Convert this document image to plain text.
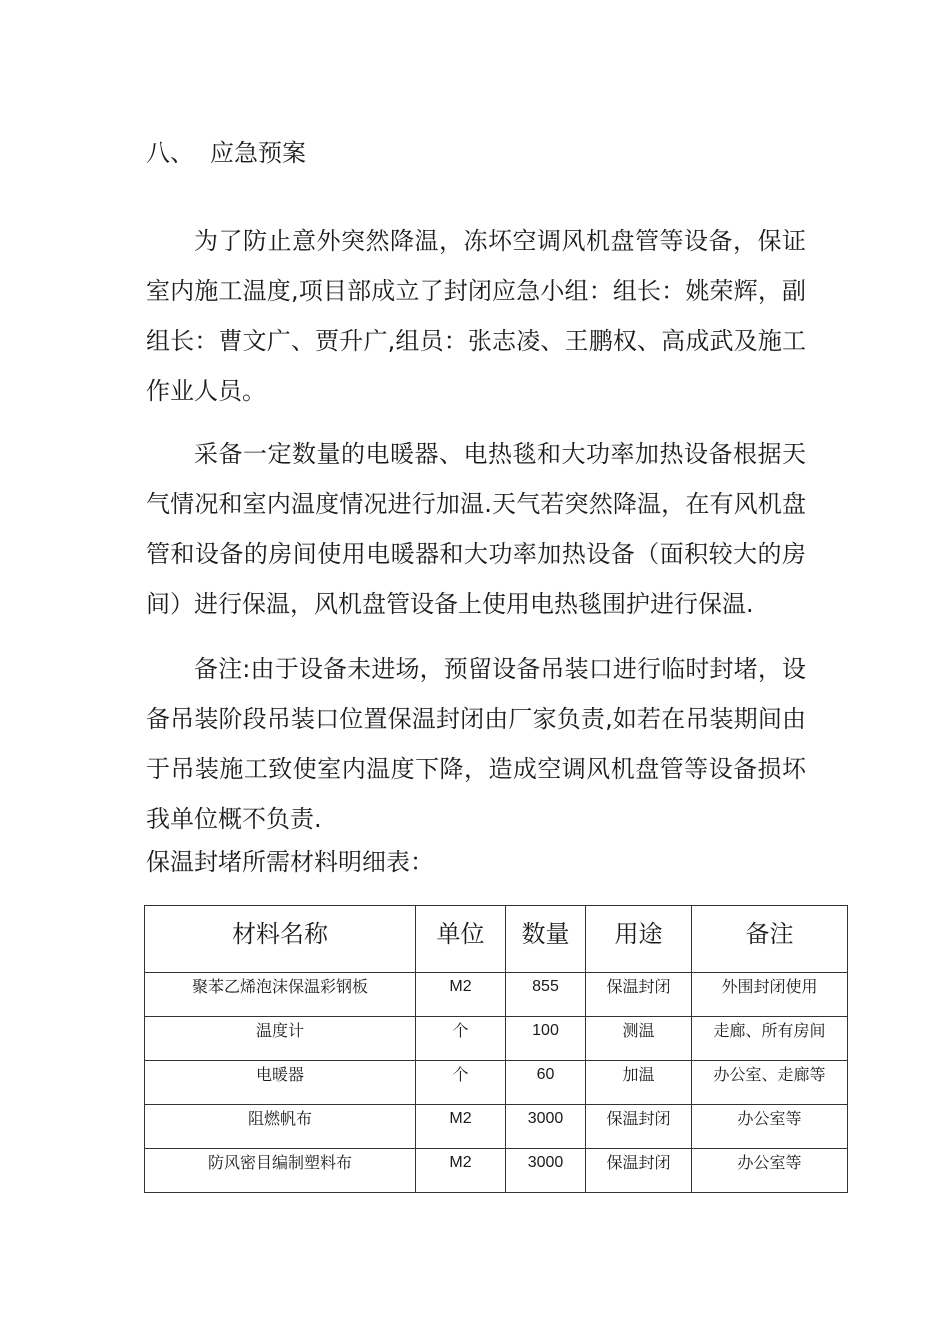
八、 应急预案

为了防止意外突然降温，冻坏空调风机盘管等设备，保证室内施工温度,项目部成立了封闭应急小组：组长：姚荣辉，副组长：曹文广、贾升广,组员：张志凌、王鹏权、高成武及施工作业人员。

采备一定数量的电暖器、电热毯和大功率加热设备根据天气情况和室内温度情况进行加温.天气若突然降温，在有风机盘管和设备的房间使用电暖器和大功率加热设备（面积较大的房间）进行保温，风机盘管设备上使用电热毯围护进行保温.

备注:由于设备未进场，预留设备吊装口进行临时封堵，设备吊装阶段吊装口位置保温封闭由厂家负责,如若在吊装期间由于吊装施工致使室内温度下降，造成空调风机盘管等设备损坏我单位概不负责.

保温封堵所需材料明细表：
材料名称	单位	数量	用途	备注
聚苯乙烯泡沫保温彩钢板	M2	855	保温封闭	外围封闭使用
温度计	个	100	测温	走廊、所有房间
电暖器	个	60	加温	办公室、走廊等
阻燃帆布	M2	3000	保温封闭	办公室等
防风密目编制塑料布	M2	3000	保温封闭	办公室等
